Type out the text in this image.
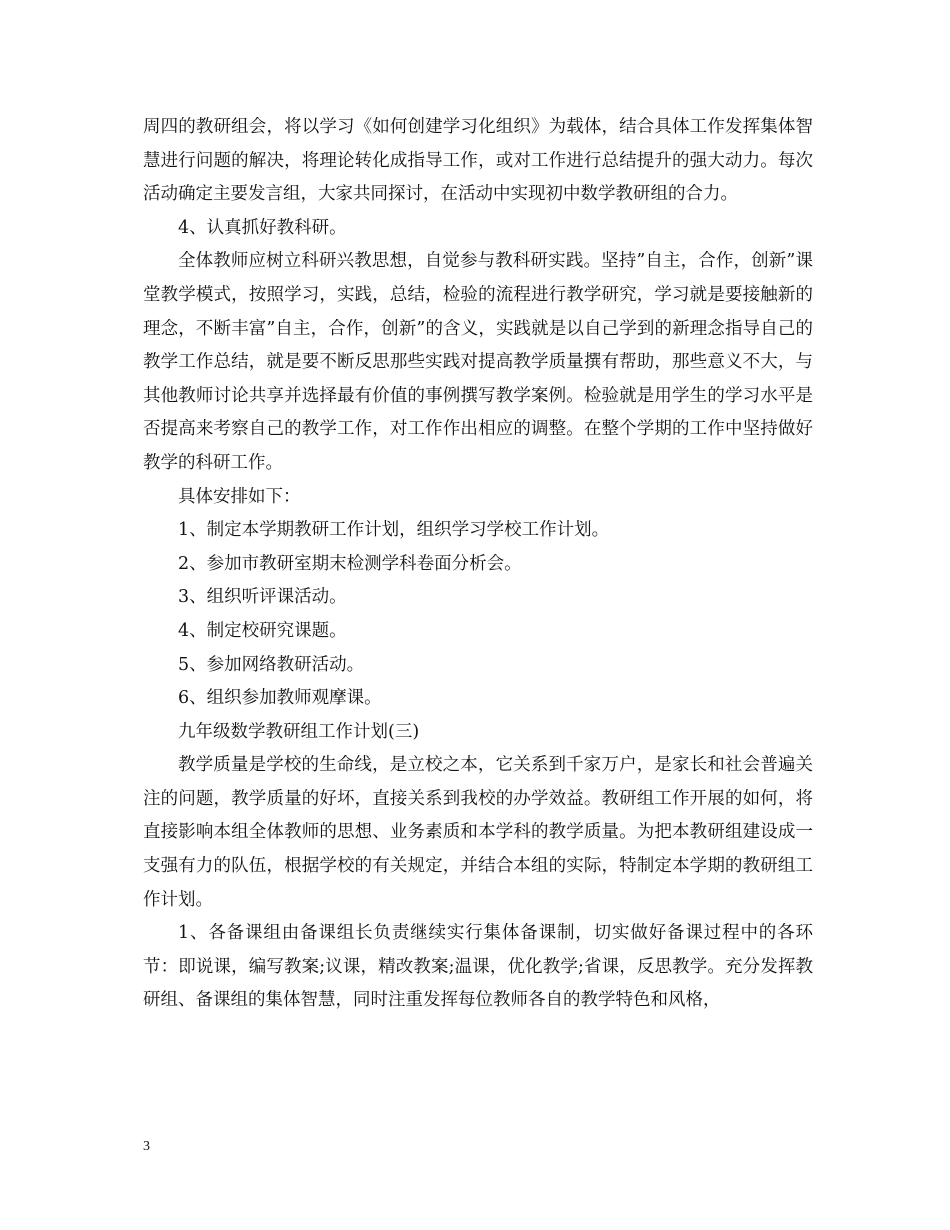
周四的教研组会，将以学习《如何创建学习化组织》为载体，结合具体工作发挥集体智慧进行问题的解决，将理论转化成指导工作，或对工作进行总结提升的强大动力。每次活动确定主要发言组，大家共同探讨，在活动中实现初中数学教研组的合力。

4、认真抓好教科研。

全体教师应树立科研兴教思想，自觉参与教科研实践。坚持”自主，合作，创新”课堂教学模式，按照学习，实践，总结，检验的流程进行教学研究，学习就是要接触新的理念，不断丰富”自主，合作，创新”的含义，实践就是以自己学到的新理念指导自己的教学工作总结，就是要不断反思那些实践对提高教学质量撰有帮助，那些意义不大，与其他教师讨论共享并选择最有价值的事例撰写教学案例。检验就是用学生的学习水平是否提高来考察自己的教学工作，对工作作出相应的调整。在整个学期的工作中坚持做好教学的科研工作。

具体安排如下：

1、制定本学期教研工作计划，组织学习学校工作计划。

2、参加市教研室期末检测学科卷面分析会。

3、组织听评课活动。

4、制定校研究课题。

5、参加网络教研活动。

6、组织参加教师观摩课。

九年级数学教研组工作计划(三)

教学质量是学校的生命线，是立校之本，它关系到千家万户，是家长和社会普遍关注的问题，教学质量的好坏，直接关系到我校的办学效益。教研组工作开展的如何，将直接影响本组全体教师的思想、业务素质和本学科的教学质量。为把本教研组建设成一支强有力的队伍，根据学校的有关规定，并结合本组的实际，特制定本学期的教研组工作计划。

1、各备课组由备课组长负责继续实行集体备课制，切实做好备课过程中的各环节：即说课，编写教案;议课，精改教案;温课，优化教学;省课，反思教学。充分发挥教研组、备课组的集体智慧，同时注重发挥每位教师各自的教学特色和风格，

3
